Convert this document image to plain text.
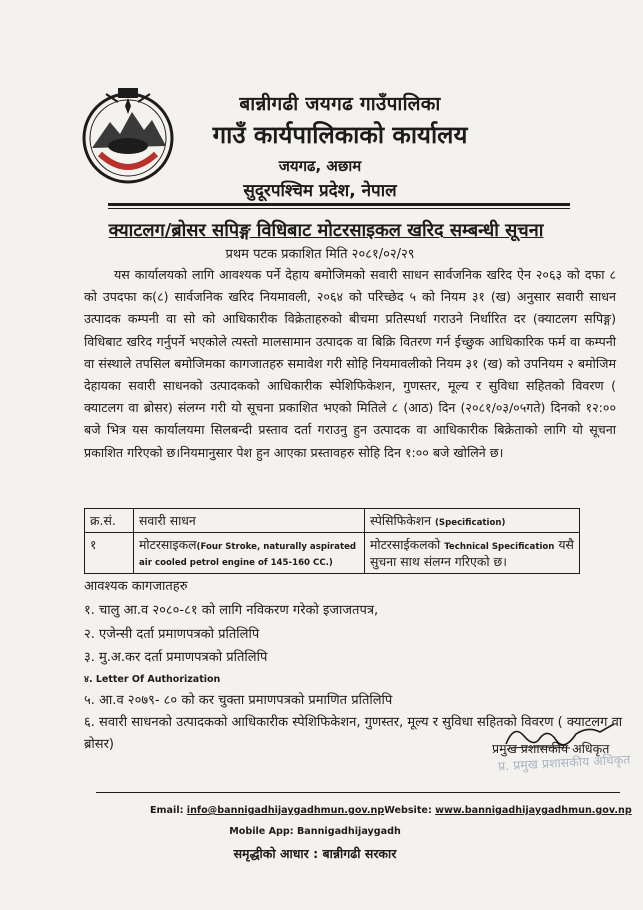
बान्नीगढी जयगढ गाउँपालिका
गाउँ कार्यपालिकाको कार्यालय
जयगढ, अछाम
सुदूरपश्चिम प्रदेश, नेपाल
क्याटलग/ब्रोसर सपिङ्ग विधिबाट मोटरसाइकल खरिद सम्बन्धी सूचना
प्रथम पटक प्रकाशित मिति २०८१/०२/२९
यस कार्यालयको लागि आवश्यक पर्ने देहाय बमोजिमको सवारी साधन सार्वजनिक खरिद ऐन २०६३ को दफा ८ को उपदफा क(८) सार्वजनिक खरिद नियमावली, २०६४ को परिच्छेद ५ को नियम ३१ (ख) अनुसार सवारी साधन उत्पादक कम्पनी वा सो को आधिकारीक विक्रेताहरुको बीचमा प्रतिस्पर्धा गराउने निर्धारित दर (क्याटलग सपिङ्ग) विधिबाट खरिद गर्नुपर्ने भएकोले त्यस्तो मालसामान उत्पादक वा बिक्रि वितरण गर्न ईच्छुक आधिकारिक फर्म वा कम्पनी वा संस्थाले तपसिल बमोजिमका कागजातहरु समावेश गरी सोहि नियमावलीको नियम ३१ (ख) को उपनियम २ बमोजिम देहायका सवारी साधनको उत्पादकको आधिकारीक स्पेशिफिकेशन, गुणस्तर, मूल्य र सुविधा सहितको विवरण ( क्याटलग वा ब्रोसर) संलग्न गरी यो सूचना प्रकाशित भएको मितिले ८ (आठ) दिन (२०८१/०३/०५गते) दिनको १२:०० बजे भित्र यस कार्यालयमा सिलबन्दी प्रस्ताव दर्ता गराउनु हुन उत्पादक वा आधिकारीक बिक्रेताको लागि यो सूचना प्रकाशित गरिएको छ।नियमानुसार पेश हुन आएका प्रस्तावहरु सोहि दिन १:०० बजे खोलिने छ।
क्र.सं.	सवारी साधन	स्पेसिफिकेशन (Specification)
१	मोटरसाइकल(Four Stroke, naturally aspirated air cooled petrol engine of 145-160 CC.)	मोटरसाईकलको Technical Specification यसै सुचना साथ संलग्न गरिएको छ।
आवश्यक कागजातहरु
१. चालु आ.व २०८०-८१ को लागि नविकरण गरेको इजाजतपत्र,
२. एजेन्सी दर्ता प्रमाणपत्रको प्रतिलिपि
३. मु.अ.कर दर्ता प्रमाणपत्रको प्रतिलिपि
४. Letter Of Authorization
५. आ.व २०७९- ८० को कर चुक्ता प्रमाणपत्रको प्रमाणित प्रतिलिपि
६. सवारी साधनको उत्पादकको आधिकारीक स्पेशिफिकेशन, गुणस्तर, मूल्य र सुविधा सहितको विवरण ( क्याटलग वा ब्रोसर)	प्रमुख प्रशासकीय अधिकृत
प्र. प्रमुख प्रशासकीय अधिकृत
Email: info@bannigadhijaygadhmun.gov.npWebsite: www.bannigadhijaygadhmun.gov.np
Mobile App: Bannigadhijaygadh
समृद्धीको आधार : बान्नीगढी सरकार
